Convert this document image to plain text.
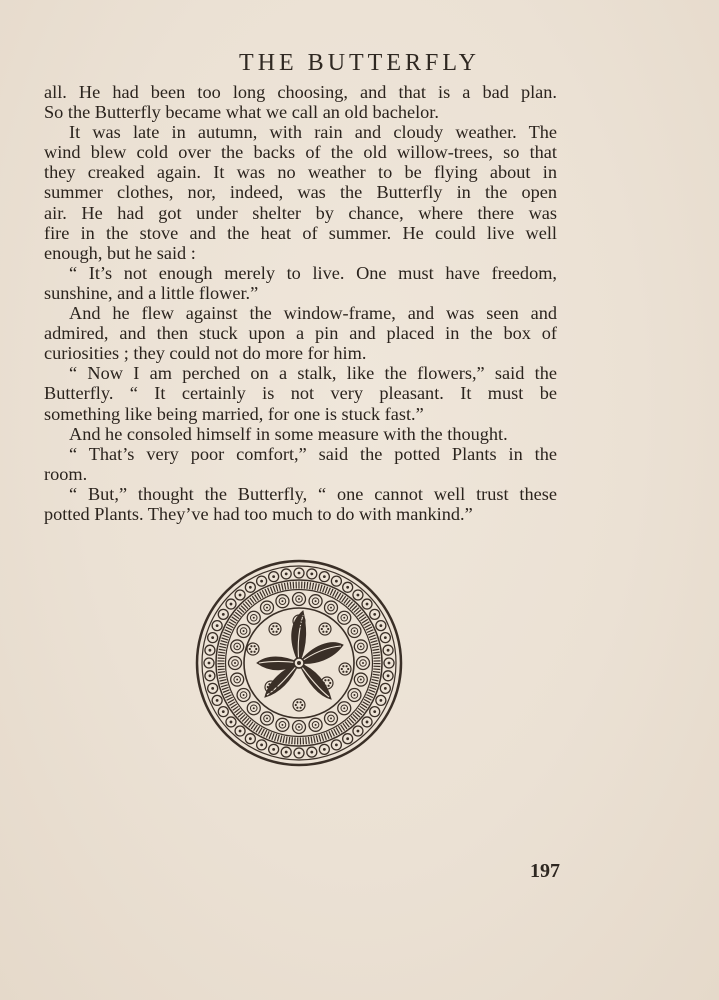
THE BUTTERFLY
all. He had been too long choosing, and that is a bad plan.
So the Butterfly became what we call an old bachelor.
It was late in autumn, with rain and cloudy weather. The
wind blew cold over the backs of the old willow-trees, so that
they creaked again. It was no weather to be flying about in
summer clothes, nor, indeed, was the Butterfly in the open
air. He had got under shelter by chance, where there was
fire in the stove and the heat of summer. He could live well
enough, but he said :
“ It’s not enough merely to live. One must have freedom,
sunshine, and a little flower.”
And he flew against the window-frame, and was seen and
admired, and then stuck upon a pin and placed in the box of
curiosities ; they could not do more for him.
“ Now I am perched on a stalk, like the flowers,” said the
Butterfly. “ It certainly is not very pleasant. It must be
something like being married, for one is stuck fast.”
And he consoled himself in some measure with the thought.
“ That’s very poor comfort,” said the potted Plants in the
room.
“ But,” thought the Butterfly, “ one cannot well trust these
potted Plants. They’ve had too much to do with mankind.”
197
